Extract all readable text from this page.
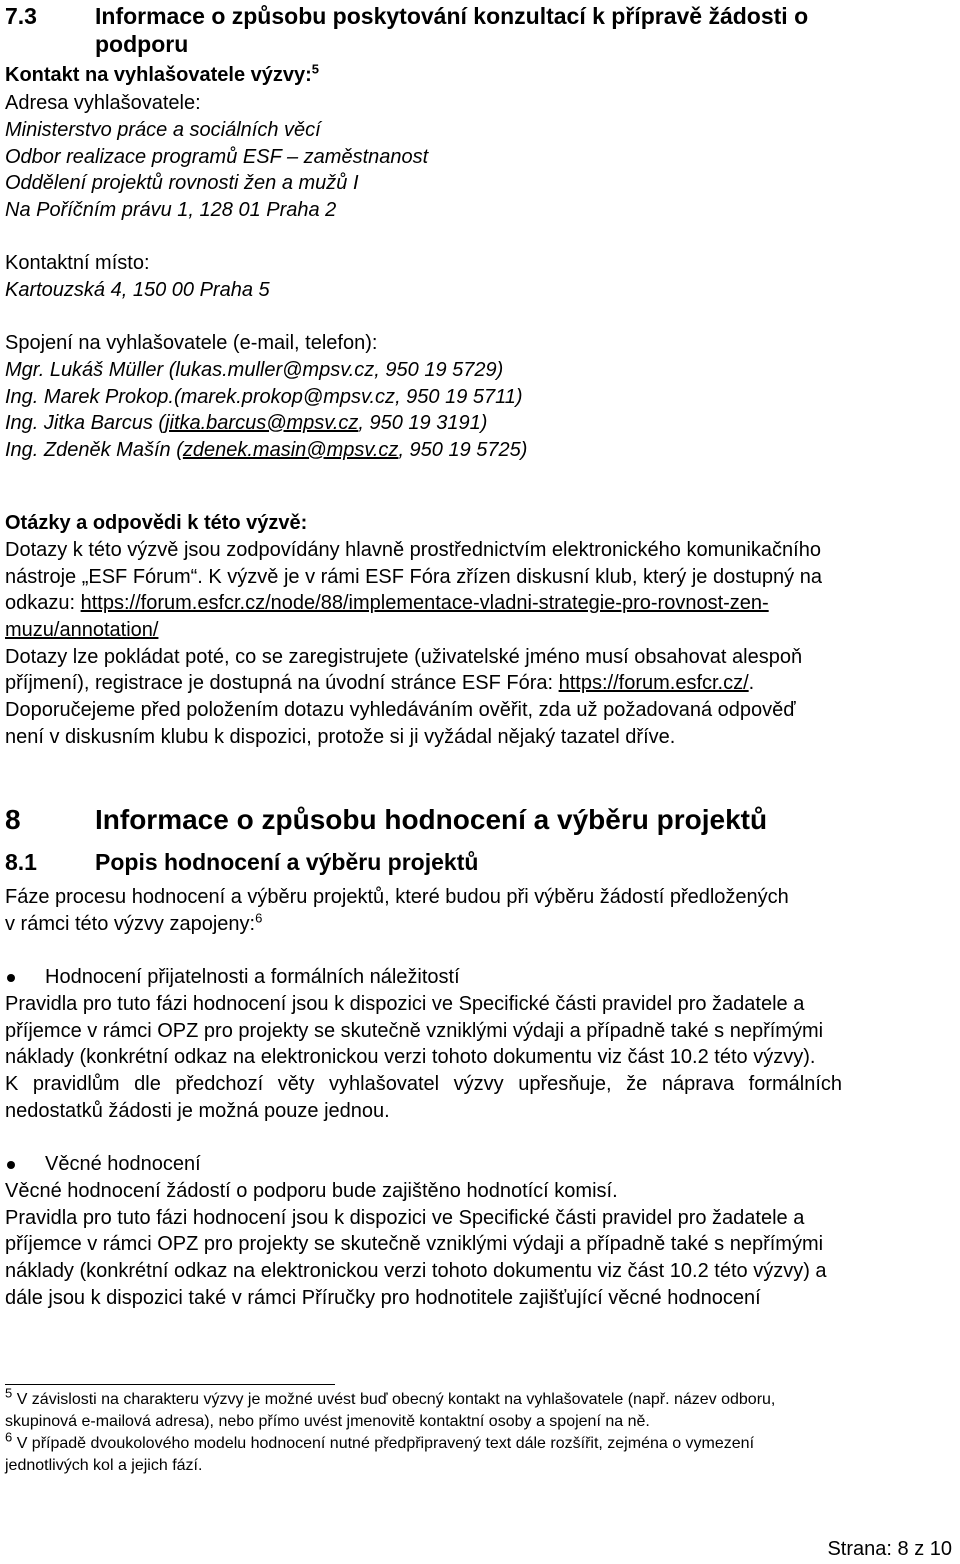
7.3	Informace o způsobu poskytování konzultací k přípravě žádosti o
podporu
Kontakt na vyhlašovatele výzvy:$^5$
Adresa vyhlašovatele:
Ministerstvo práce a sociálních věcí
Odbor realizace programů ESF – zaměstnanost
Oddělení projektů rovnosti žen a mužů I
Na Poříčním právu 1, 128 01 Praha 2
Kontaktní místo:
Kartouzská 4, 150 00 Praha 5
Spojení na vyhlašovatele (e-mail, telefon):
Mgr. Lukáš Müller (lukas.muller@mpsv.cz, 950 19 5729)
Ing. Marek Prokop.(marek.prokop@mpsv.cz, 950 19 5711)
Ing. Jitka Barcus (jitka.barcus@mpsv.cz, 950 19 3191)
Ing. Zdeněk Mašín (zdenek.masin@mpsv.cz, 950 19 5725)
Otázky a odpovědi k této výzvě:
Dotazy k této výzvě jsou zodpovídány hlavně prostřednictvím elektronického komunikačního
nástroje „ESF Fórum“. K výzvě je v rámi ESF Fóra zřízen diskusní klub, který je dostupný na
odkazu: https://forum.esfcr.cz/node/88/implementace-vladni-strategie-pro-rovnost-zen-
muzu/annotation/
Dotazy lze pokládat poté, co se zaregistrujete (uživatelské jméno musí obsahovat alespoň
příjmení), registrace je dostupná na úvodní stránce ESF Fóra: https://forum.esfcr.cz/.
Doporučejeme před položením dotazu vyhledáváním ověřit, zda už požadovaná odpověď
není v diskusním klubu k dispozici, protože si ji vyžádal nějaký tazatel dříve.
8	Informace o způsobu hodnocení a výběru projektů
8.1	Popis hodnocení a výběru projektů
Fáze procesu hodnocení a výběru projektů, které budou při výběru žádostí předložených
v rámci této výzvy zapojeny:$^6$
Hodnocení přijatelnosti a formálních náležitostí
Pravidla pro tuto fázi hodnocení jsou k dispozici ve Specifické části pravidel pro žadatele a
příjemce v rámci OPZ pro projekty se skutečně vzniklými výdaji a případně také s nepřímými
náklady (konkrétní odkaz na elektronickou verzi tohoto dokumentu viz část 10.2 této výzvy).
K pravidlům dle předchozí věty vyhlašovatel výzvy upřesňuje, že náprava formálních
nedostatků žádosti je možná pouze jednou.
Věcné hodnocení
Věcné hodnocení žádostí o podporu bude zajištěno hodnotící komisí.
Pravidla pro tuto fázi hodnocení jsou k dispozici ve Specifické části pravidel pro žadatele a
příjemce v rámci OPZ pro projekty se skutečně vzniklými výdaji a případně také s nepřímými
náklady (konkrétní odkaz na elektronickou verzi tohoto dokumentu viz část 10.2 této výzvy) a
dále jsou k dispozici také v rámci Příručky pro hodnotitele zajišťující věcné hodnocení
$^5$ V závislosti na charakteru výzvy je možné uvést buď obecný kontakt na vyhlašovatele (např. název odboru,
skupinová e-mailová adresa), nebo přímo uvést jmenovitě kontaktní osoby a spojení na ně.
$^6$ V případě dvoukolového modelu hodnocení nutné předpřipravený text dále rozšířit, zejména o vymezení
jednotlivých kol a jejich fází.
Strana: 8 z 10
